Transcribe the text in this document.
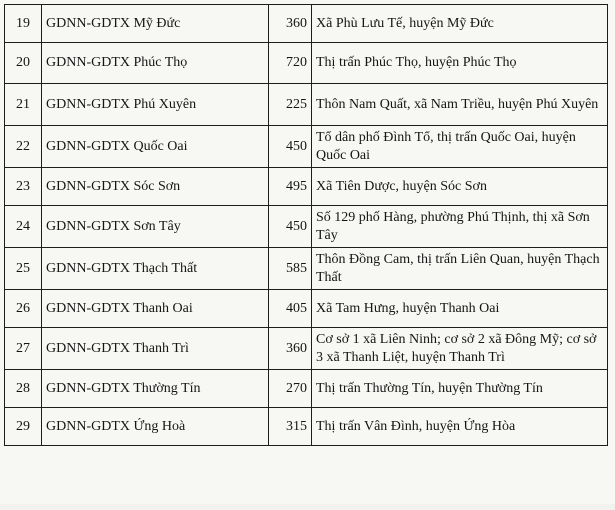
19	GDNN-GDTX Mỹ Đức	360	Xã Phù Lưu Tế, huyện Mỹ Đức
20	GDNN-GDTX Phúc Thọ	720	Thị trấn Phúc Thọ, huyện Phúc Thọ
21	GDNN-GDTX Phú Xuyên	225	Thôn Nam Quất, xã Nam Triều, huyện Phú Xuyên
22	GDNN-GDTX Quốc Oai	450	Tổ dân phố Đình Tổ, thị trấn Quốc Oai, huyện Quốc Oai
23	GDNN-GDTX Sóc Sơn	495	Xã Tiên Dược, huyện Sóc Sơn
24	GDNN-GDTX Sơn Tây	450	Số 129 phố Hàng, phường Phú Thịnh, thị xã Sơn Tây
25	GDNN-GDTX Thạch Thất	585	Thôn Đồng Cam, thị trấn Liên Quan, huyện Thạch Thất
26	GDNN-GDTX Thanh Oai	405	Xã Tam Hưng, huyện Thanh Oai
27	GDNN-GDTX Thanh Trì	360	Cơ sở 1 xã Liên Ninh; cơ sở 2 xã Đông Mỹ; cơ sở 3 xã Thanh Liệt, huyện Thanh Trì
28	GDNN-GDTX Thường Tín	270	Thị trấn Thường Tín, huyện Thường Tín
29	GDNN-GDTX Ứng Hoà	315	Thị trấn Vân Đình, huyện Ứng Hòa
